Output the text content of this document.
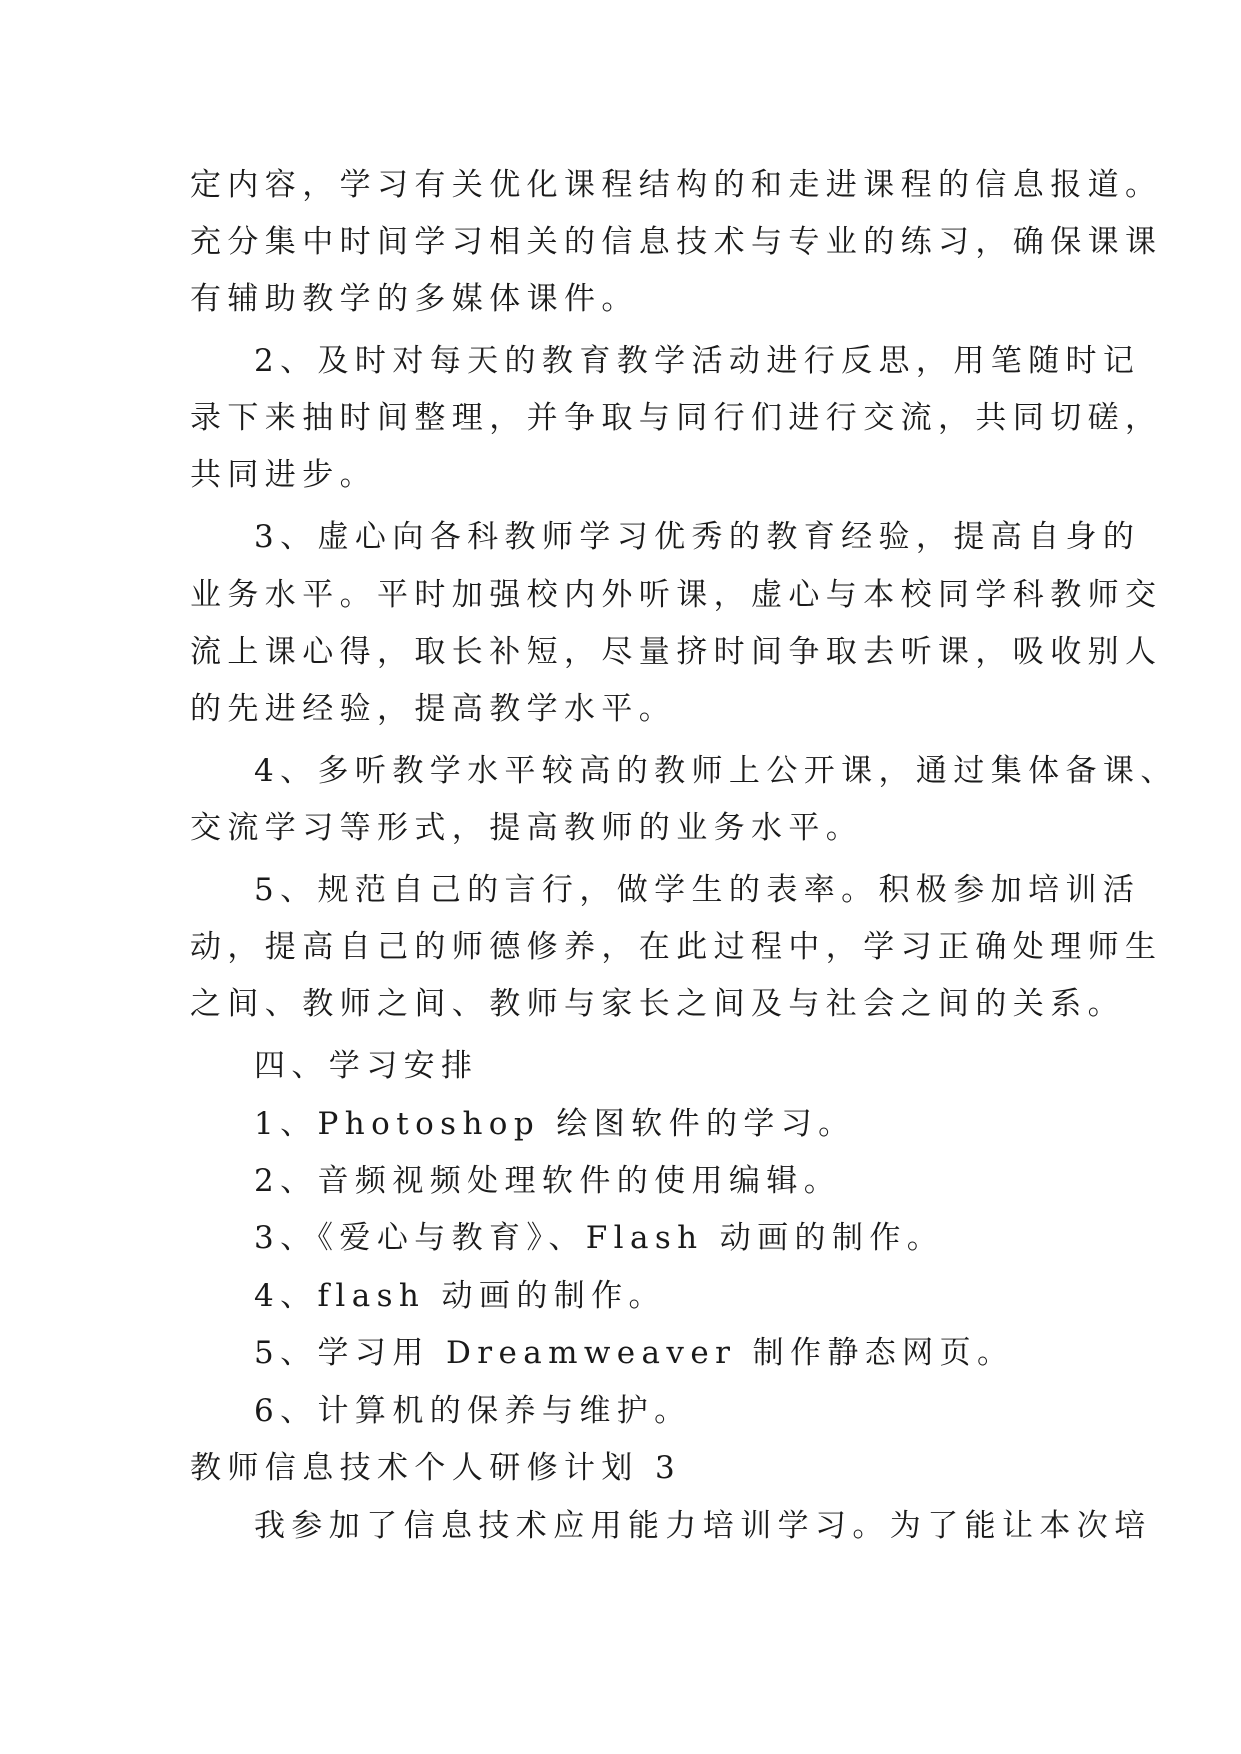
定内容，学习有关优化课程结构的和走进课程的信息报道。
充分集中时间学习相关的信息技术与专业的练习，确保课课
有辅助教学的多媒体课件。
2、及时对每天的教育教学活动进行反思，用笔随时记
录下来抽时间整理，并争取与同行们进行交流，共同切磋，
共同进步。
3、虚心向各科教师学习优秀的教育经验，提高自身的
业务水平。平时加强校内外听课，虚心与本校同学科教师交
流上课心得，取长补短，尽量挤时间争取去听课，吸收别人
的先进经验，提高教学水平。
4、多听教学水平较高的教师上公开课，通过集体备课、
交流学习等形式，提高教师的业务水平。
5、规范自己的言行，做学生的表率。积极参加培训活
动，提高自己的师德修养，在此过程中，学习正确处理师生
之间、教师之间、教师与家长之间及与社会之间的关系。
四、学习安排
1、Photoshop 绘图软件的学习。
2、音频视频处理软件的使用编辑。
3、《爱心与教育》、Flash 动画的制作。
4、flash 动画的制作。
5、学习用 Dreamweaver 制作静态网页。
6、计算机的保养与维护。
教师信息技术个人研修计划 3
我参加了信息技术应用能力培训学习。为了能让本次培
